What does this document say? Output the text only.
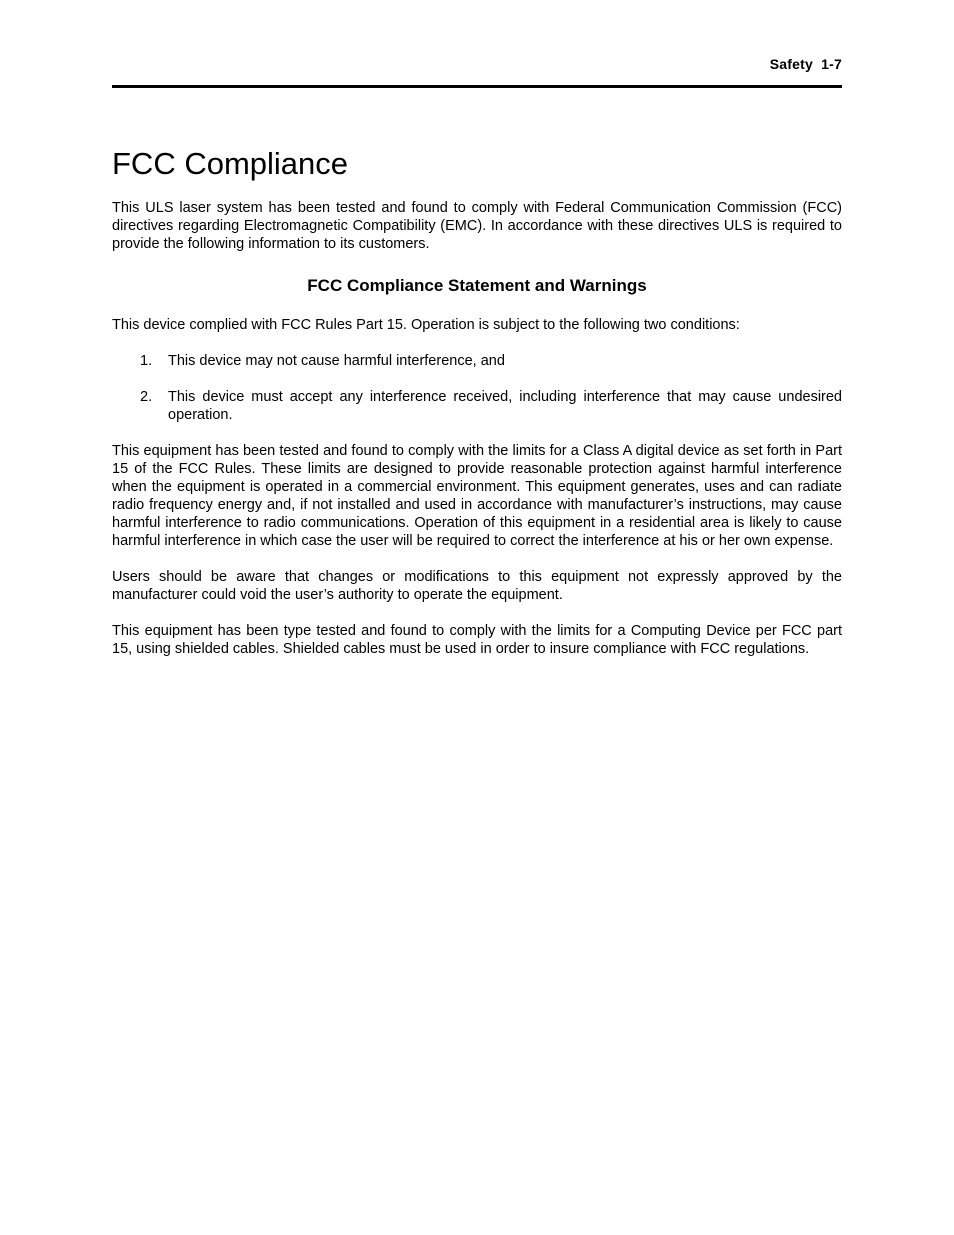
Safety  1-7
FCC Compliance

This ULS laser system has been tested and found to comply with Federal Communication Commission (FCC) directives regarding Electromagnetic Compatibility (EMC). In accordance with these directives ULS is required to provide the following information to its customers.

FCC Compliance Statement and Warnings

This device complied with FCC Rules Part 15. Operation is subject to the following two conditions:

1. This device may not cause harmful interference, and
2. This device must accept any interference received, including interference that may cause undesired operation.

This equipment has been tested and found to comply with the limits for a Class A digital device as set forth in Part 15 of the FCC Rules. These limits are designed to provide reasonable protection against harmful interference when the equipment is operated in a commercial environment. This equipment generates, uses and can radiate radio frequency energy and, if not installed and used in accordance with manufacturer’s instructions, may cause harmful interference to radio communications. Operation of this equipment in a residential area is likely to cause harmful interference in which case the user will be required to correct the interference at his or her own expense.

Users should be aware that changes or modifications to this equipment not expressly approved by the manufacturer could void the user’s authority to operate the equipment.

This equipment has been type tested and found to comply with the limits for a Computing Device per FCC part 15, using shielded cables. Shielded cables must be used in order to insure compliance with FCC regulations.
